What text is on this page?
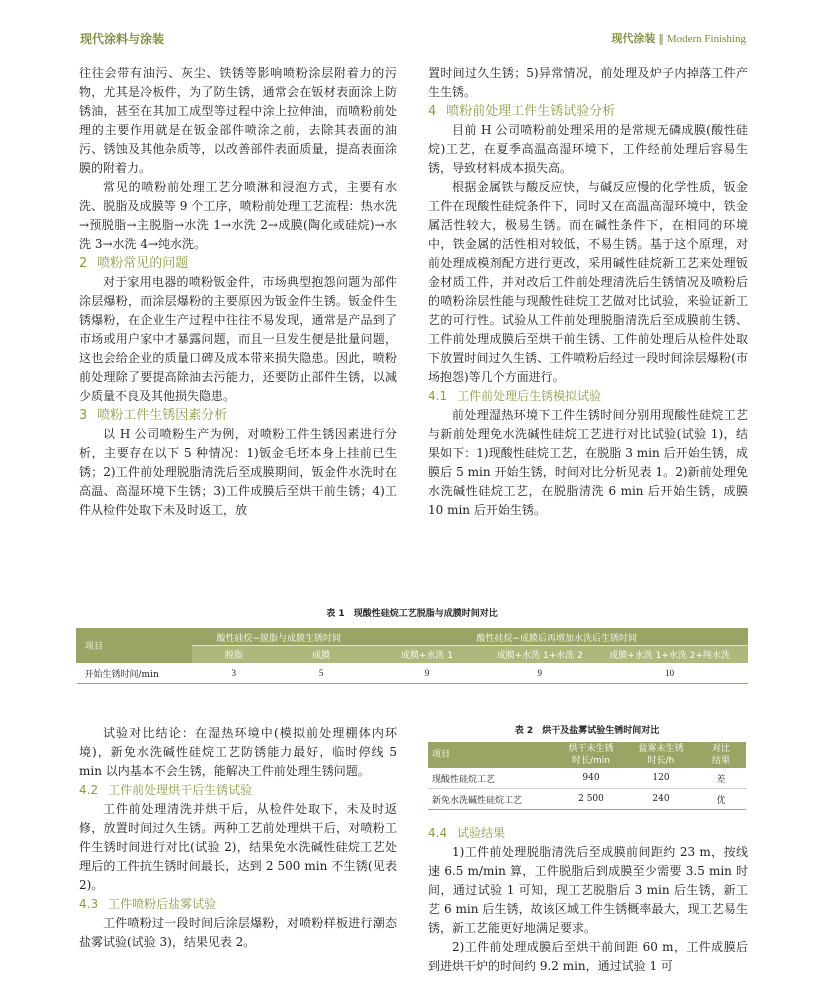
现代涂料与涂装	现代涂装 ‖ Modern Finishing

往往会带有油污、灰尘、铁锈等影响喷粉涂层附着力的污物，尤其是冷板件，为了防生锈，通常会在钣材表面涂上防锈油，甚至在其加工成型等过程中涂上拉伸油，而喷粉前处理的主要作用就是在钣金部件喷涂之前，去除其表面的油污、锈蚀及其他杂质等，以改善部件表面质量，提高表面涂膜的附着力。

常见的喷粉前处理工艺分喷淋和浸泡方式，主要有水洗、脱脂及成膜等 9 个工序，喷粉前处理工艺流程：热水洗→预脱脂→主脱脂→水洗 1→水洗 2→成膜(陶化或硅烷)→水洗 3→水洗 4→纯水洗。

2 喷粉常见的问题

对于家用电器的喷粉钣金件，市场典型抱怨问题为部件涂层爆粉，而涂层爆粉的主要原因为钣金件生锈。钣金件生锈爆粉，在企业生产过程中往往不易发现，通常是产品到了市场或用户家中才暴露问题，而且一旦发生便是批量问题，这也会给企业的质量口碑及成本带来损失隐患。因此，喷粉前处理除了要提高除油去污能力，还要防止部件生锈，以减少质量不良及其他损失隐患。

3 喷粉工件生锈因素分析

以 H 公司喷粉生产为例，对喷粉工件生锈因素进行分析，主要存在以下 5 种情况：1)钣金毛坯本身上挂前已生锈；2)工件前处理脱脂清洗后至成膜期间，钣金件水洗时在高温、高湿环境下生锈；3)工件成膜后至烘干前生锈；4)工件从检件处取下未及时返工，放

置时间过久生锈；5)异常情况，前处理及炉子内掉落工件产生生锈。

4 喷粉前处理工件生锈试验分析

目前 H 公司喷粉前处理采用的是常规无磷成膜(酸性硅烷)工艺，在夏季高温高湿环境下，工件经前处理后容易生锈，导致材料成本损失高。

根据金属铁与酸反应快，与碱反应慢的化学性质，钣金工件在现酸性硅烷条件下，同时又在高温高湿环境中，铁金属活性较大，极易生锈。而在碱性条件下，在相同的环境中，铁金属的活性相对较低，不易生锈。基于这个原理，对前处理成模剂配方进行更改，采用碱性硅烷新工艺来处理钣金材质工件，并对改后工件前处理清洗后生锈情况及喷粉后的喷粉涂层性能与现酸性硅烷工艺做对比试验，来验证新工艺的可行性。试验从工件前处理脱脂清洗后至成膜前生锈、工件前处理成膜后至烘干前生锈、工件前处理后从检件处取下放置时间过久生锈、工件喷粉后经过一段时间涂层爆粉(市场抱怨)等几个方面进行。

4.1 工件前处理后生锈模拟试验

前处理湿热环境下工件生锈时间分别用现酸性硅烷工艺与新前处理免水洗碱性硅烷工艺进行对比试验(试验 1)，结果如下：1)现酸性硅烷工艺，在脱脂 3 min 后开始生锈，成膜后 5 min 开始生锈，时间对比分析见表 1。2)新前处理免水洗碱性硅烷工艺，在脱脂清洗 6 min 后开始生锈，成膜 10 min 后开始生锈。

表 1　现酸性硅烷工艺脱脂与成膜时间对比
项目	酸性硅烷−脱脂与成膜生锈时间		酸性硅烷−成膜后再增加水洗后生锈时间		
	脱脂	成膜	成膜+水洗 1	成膜+水洗 1+水洗 2	成膜+水洗 1+水洗 2+纯水洗
开始生锈时间/min	3	5	9	9	10

试验对比结论：在湿热环境中(模拟前处理棚体内环境)，新免水洗碱性硅烷工艺防锈能力最好，临时停线 5 min 以内基本不会生锈，能解决工件前处理生锈问题。

4.2 工件前处理烘干后生锈试验

工件前处理清洗并烘干后，从检件处取下，未及时返修，放置时间过久生锈。两种工艺前处理烘干后，对喷粉工件生锈时间进行对比(试验 2)，结果免水洗碱性硅烷工艺处理后的工件抗生锈时间最长，达到 2 500 min 不生锈(见表 2)。

4.3 工件喷粉后盐雾试验

工件喷粉过一段时间后涂层爆粉，对喷粉样板进行潮态盐雾试验(试验 3)，结果见表 2。

表 2　烘干及盐雾试验生锈时间对比
项目	烘干未生锈
时长/min	盐雾未生锈
时长/h	对比
结果
现酸性硅烷工艺	940	120	差
新免水洗碱性硅烷工艺	2 500	240	优
4.4 试验结果

1)工件前处理脱脂清洗后至成膜前间距约 23 m，按线速 6.5 m/min 算，工件脱脂后到成膜至少需要 3.5 min 时间，通过试验 1 可知，现工艺脱脂后 3 min 后生锈，新工艺 6 min 后生锈，故该区域工件生锈概率最大，现工艺易生锈，新工艺能更好地满足要求。

2)工件前处理成膜后至烘干前间距 60 m，工件成膜后到进烘干炉的时间约 9.2 min，通过试验 1 可
